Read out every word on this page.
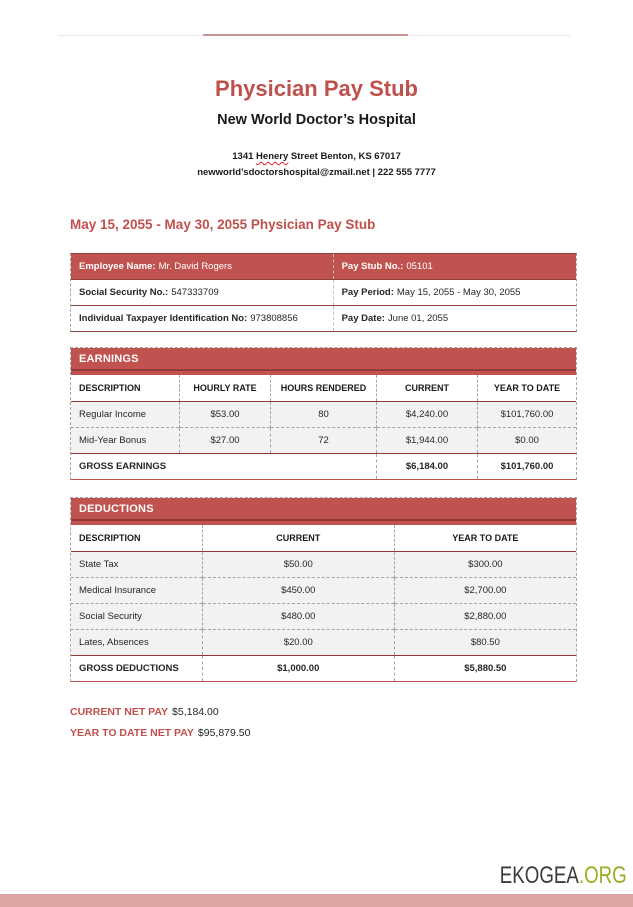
Physician Pay Stub
New World Doctor’s Hospital
1341 Henery Street Benton, KS 67017
newworld’sdoctorshospital@zmail.net | 222 555 7777
May 15, 2055 - May 30, 2055 Physician Pay Stub
Employee Name: Mr. David Rogers	Pay Stub No.: 05101
Social Security No.: 547333709	Pay Period: May 15, 2055 - May 30, 2055
Individual Taxpayer Identification No: 973808856	Pay Date: June 01, 2055
EARNINGS
DESCRIPTION	HOURLY RATE	HOURS RENDERED	CURRENT	YEAR TO DATE
Regular Income	$53.00	80	$4,240.00	$101,760.00
Mid-Year Bonus	$27.00	72	$1,944.00	$0.00
GROSS EARNINGS			$6,184.00	$101,760.00
DEDUCTIONS
DESCRIPTION	CURRENT	YEAR TO DATE
State Tax	$50.00	$300.00
Medical Insurance	$450.00	$2,700.00
Social Security	$480.00	$2,880.00
Lates, Absences	$20.00	$80.50
GROSS DEDUCTIONS	$1,000.00	$5,880.50
CURRENT NET PAY $5,184.00
YEAR TO DATE NET PAY $95,879.50
EKOGEA.ORG
